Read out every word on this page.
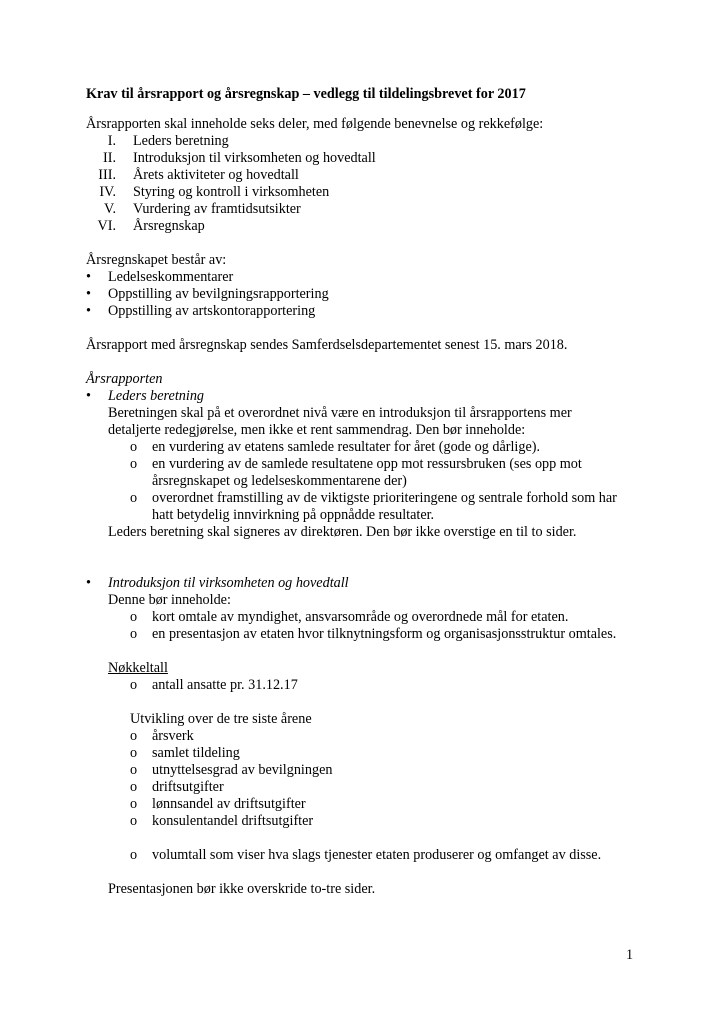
Krav til årsrapport og årsregnskap – vedlegg til tildelingsbrevet for 2017

Årsrapporten skal inneholde seks deler, med følgende benevnelse og rekkefølge:

I. Leders beretning
II. Introduksjon til virksomheten og hovedtall
III. Årets aktiviteter og hovedtall
IV. Styring og kontroll i virksomheten
V. Vurdering av framtidsutsikter
VI. Årsregnskap

Årsregnskapet består av:

• Ledelseskommentarer
• Oppstilling av bevilgningsrapportering
• Oppstilling av artskontorapportering

Årsrapport med årsregnskap sendes Samferdselsdepartementet senest 15. mars 2018.

Årsrapporten

• Leders beretning

Beretningen skal på et overordnet nivå være en introduksjon til årsrapportens mer

detaljerte redegjørelse, men ikke et rent sammendrag. Den bør inneholde:

o en vurdering av etatens samlede resultater for året (gode og dårlige).
o en vurdering av de samlede resultatene opp mot ressursbruken (ses opp mot

årsregnskapet og ledelseskommentarene der)

o overordnet framstilling av de viktigste prioriteringene og sentrale forhold som har

hatt betydelig innvirkning på oppnådde resultater.

Leders beretning skal signeres av direktøren. Den bør ikke overstige en til to sider.

• Introduksjon til virksomheten og hovedtall

Denne bør inneholde:

o kort omtale av myndighet, ansvarsområde og overordnede mål for etaten.
o en presentasjon av etaten hvor tilknytningsform og organisasjonsstruktur omtales.

Nøkkeltall

o antall ansatte pr. 31.12.17

Utvikling over de tre siste årene

o årsverk
o samlet tildeling
o utnyttelsesgrad av bevilgningen
o driftsutgifter
o lønnsandel av driftsutgifter
o konsulentandel driftsutgifter
o volumtall som viser hva slags tjenester etaten produserer og omfanget av disse.

Presentasjonen bør ikke overskride to-tre sider.

1
